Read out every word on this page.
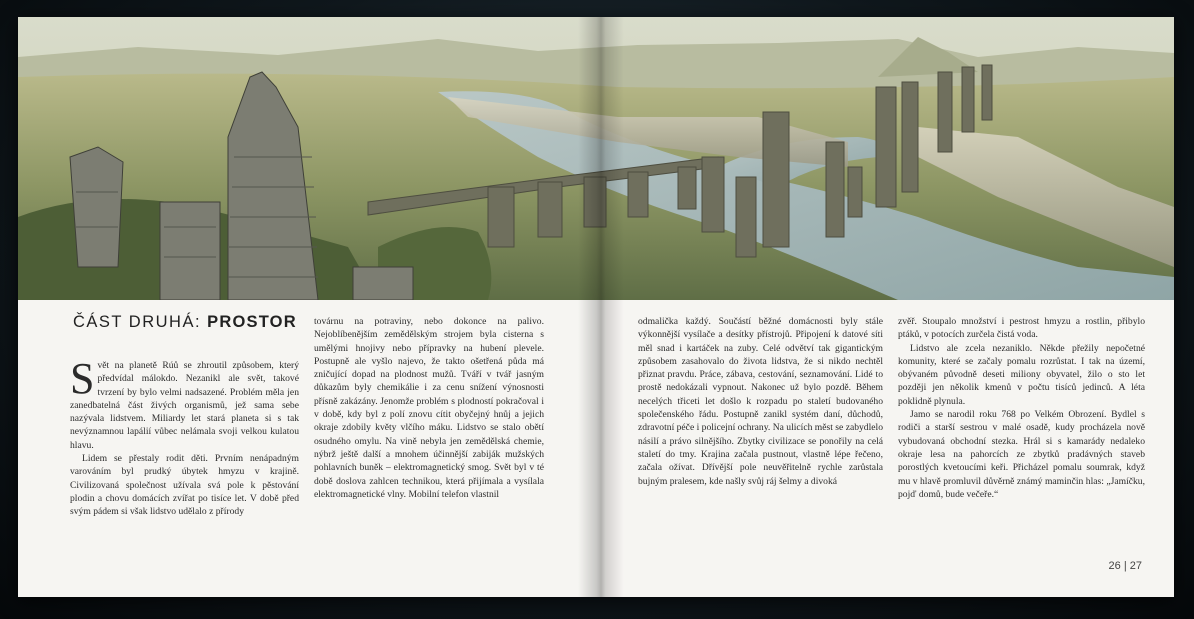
ČÁST DRUHÁ: PROSTOR

Svět na planetě Rúů se zhroutil způsobem, který předvídal málokdo. Nezanikl ale svět, takové tvrzení by bylo velmi nadsazené. Problém měla jen zanedbatelná část živých organismů, jež sama sebe nazývala lidstvem. Miliardy let stará planeta si s tak nevýznamnou lapálií vůbec nelámala svoji velkou kulatou hlavu.

Lidem se přestaly rodit děti. Prvním nenápadným varováním byl prudký úbytek hmyzu v krajině. Civilizovaná společnost užívala svá pole k pěstování plodin a chovu domácích zvířat po tisíce let. V době před svým pádem si však lidstvo udělalo z přírody

továrnu na potraviny, nebo dokonce na palivo. Nejoblíbenějším zemědělským strojem byla cisterna s umělými hnojivy nebo přípravky na hubení plevele. Postupně ale vyšlo najevo, že takto ošetřená půda má zničující dopad na plodnost mužů. Tváří v tvář jasným důkazům byly chemikálie i za cenu snížení výnosnosti přísně zakázány. Jenomže problém s plodností pokračoval i v době, kdy byl z polí znovu cítit obyčejný hnůj a jejich okraje zdobily květy vlčího máku. Lidstvo se stalo obětí osudného omylu. Na vině nebyla jen zemědělská chemie, nýbrž ještě další a mnohem účinnější zabiják mužských pohlavních buněk – elektromagnetický smog. Svět byl v té době doslova zahlcen technikou, která přijímala a vysílala elektromagnetické vlny. Mobilní telefon vlastnil

odmalička každý. Součástí běžné domácnosti byly stále výkonnější vysílače a desítky přístrojů. Připojení k datové síti měl snad i kartáček na zuby. Celé odvětví tak gigantickým způsobem zasahovalo do života lidstva, že si nikdo nechtěl přiznat pravdu. Práce, zábava, cestování, seznamování. Lidé to prostě nedokázali vypnout. Nakonec už bylo pozdě. Během necelých třiceti let došlo k rozpadu po staletí budovaného společenského řádu. Postupně zanikl systém daní, důchodů, zdravotní péče i policejní ochrany. Na ulicích měst se zabydlelo násilí a právo silnějšího. Zbytky civilizace se ponořily na celá staletí do tmy. Krajina začala pustnout, vlastně lépe řečeno, začala ožívat. Dřívější pole neuvěřitelně rychle zarůstala bujným pralesem, kde našly svůj ráj šelmy a divoká

zvěř. Stoupalo množství i pestrost hmyzu a rostlin, přibylo ptáků, v potocích zurčela čistá voda.

Lidstvo ale zcela nezaniklo. Někde přežily nepočetné komunity, které se začaly pomalu rozrůstat. I tak na území, obývaném původně deseti miliony obyvatel, žilo o sto let později jen několik kmenů v počtu tisíců jedinců. A léta poklidně plynula.

Jamo se narodil roku 768 po Velkém Obrození. Bydlel s rodiči a starší sestrou v malé osadě, kudy procházela nově vybudovaná obchodní stezka. Hrál si s kamarády nedaleko okraje lesa na pahorcích ze zbytků pradávných staveb porostlých kvetoucími keři. Přicházel pomalu soumrak, když mu v hlavě promluvil důvěrně známý maminčin hlas: „Jamíčku, pojď domů, bude večeře.“

26 | 27
